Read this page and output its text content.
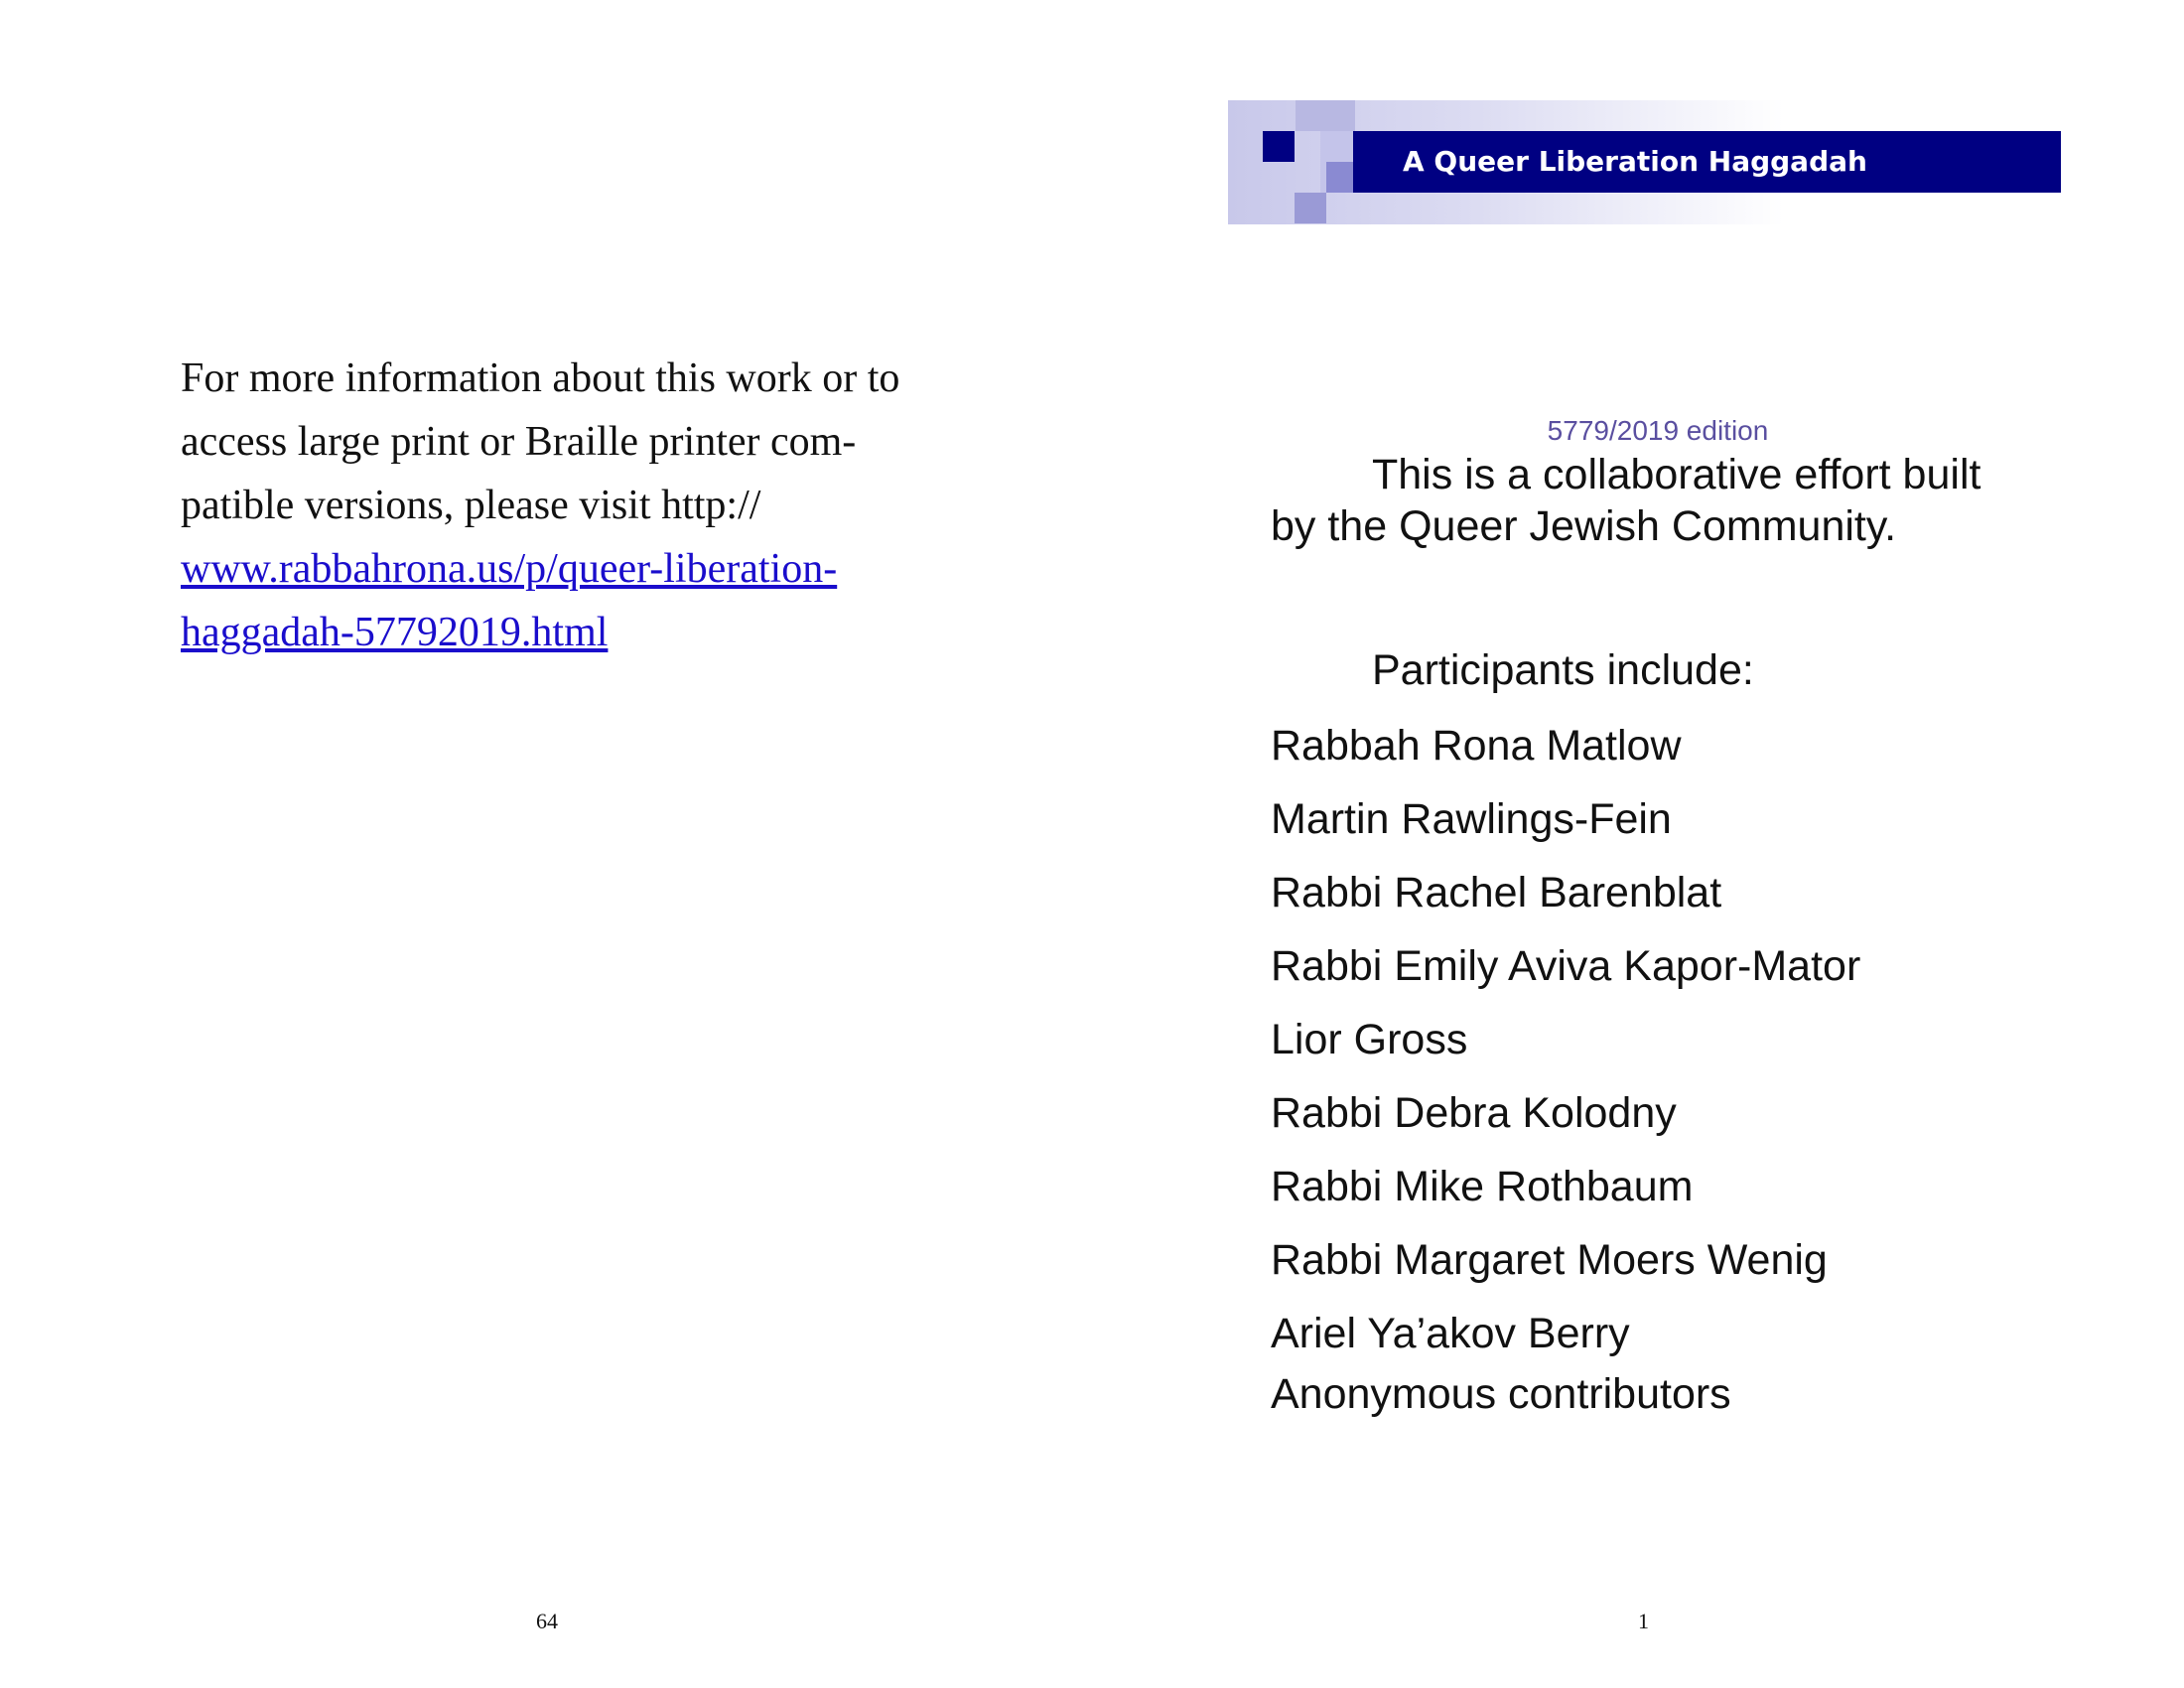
For more information about this work or to
access large print or Braille printer com-
patible versions, please visit http://
www.rabbahrona.us/p/queer-liberation-
haggadah-57792019.html
64
A Queer Liberation Haggadah
5779/2019 edition
This is a collaborative effort built
by the Queer Jewish Community.
Participants include:
Rabbah Rona Matlow
Martin Rawlings-Fein
Rabbi Rachel Barenblat
Rabbi Emily Aviva Kapor-Mator
Lior Gross
Rabbi Debra Kolodny
Rabbi Mike Rothbaum
Rabbi Margaret Moers Wenig
Ariel Ya’akov Berry
Anonymous contributors
1
